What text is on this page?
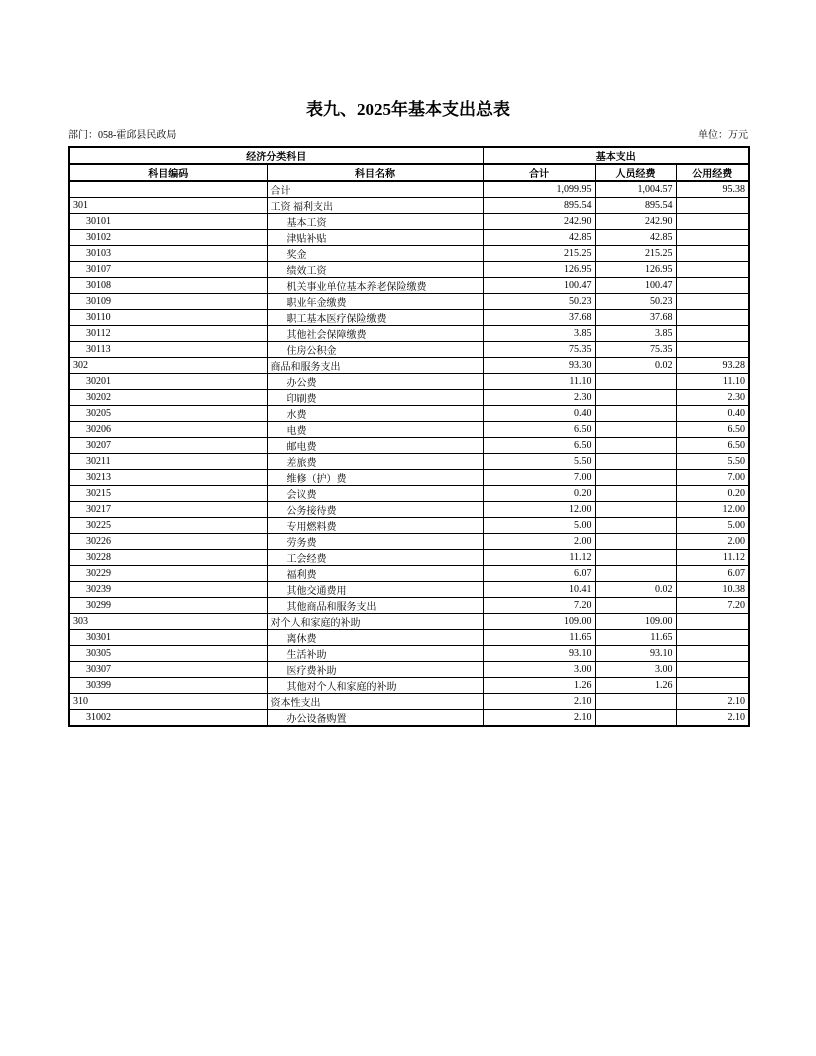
表九、2025年基本支出总表
部门：058-霍邱县民政局	单位：万元
经济分类科目		基本支出		
科目编码	科目名称	合计	人员经费	公用经费
	合计	1,099.95	1,004.57	95.38
301	工资 福利支出	895.54	895.54	
30101	基本工资	242.90	242.90	
30102	津贴补贴	42.85	42.85	
30103	奖金	215.25	215.25	
30107	绩效工资	126.95	126.95	
30108	机关事业单位基本养老保险缴费	100.47	100.47	
30109	职业年金缴费	50.23	50.23	
30110	职工基本医疗保险缴费	37.68	37.68	
30112	其他社会保障缴费	3.85	3.85	
30113	住房公积金	75.35	75.35	
302	商品和服务支出	93.30	0.02	93.28
30201	办公费	11.10		11.10
30202	印刷费	2.30		2.30
30205	水费	0.40		0.40
30206	电费	6.50		6.50
30207	邮电费	6.50		6.50
30211	差旅费	5.50		5.50
30213	维修（护）费	7.00		7.00
30215	会议费	0.20		0.20
30217	公务接待费	12.00		12.00
30225	专用燃料费	5.00		5.00
30226	劳务费	2.00		2.00
30228	工会经费	11.12		11.12
30229	福利费	6.07		6.07
30239	其他交通费用	10.41	0.02	10.38
30299	其他商品和服务支出	7.20		7.20
303	对个人和家庭的补助	109.00	109.00	
30301	离休费	11.65	11.65	
30305	生活补助	93.10	93.10	
30307	医疗费补助	3.00	3.00	
30399	其他对个人和家庭的补助	1.26	1.26	
310	资本性支出	2.10		2.10
31002	办公设备购置	2.10		2.10
